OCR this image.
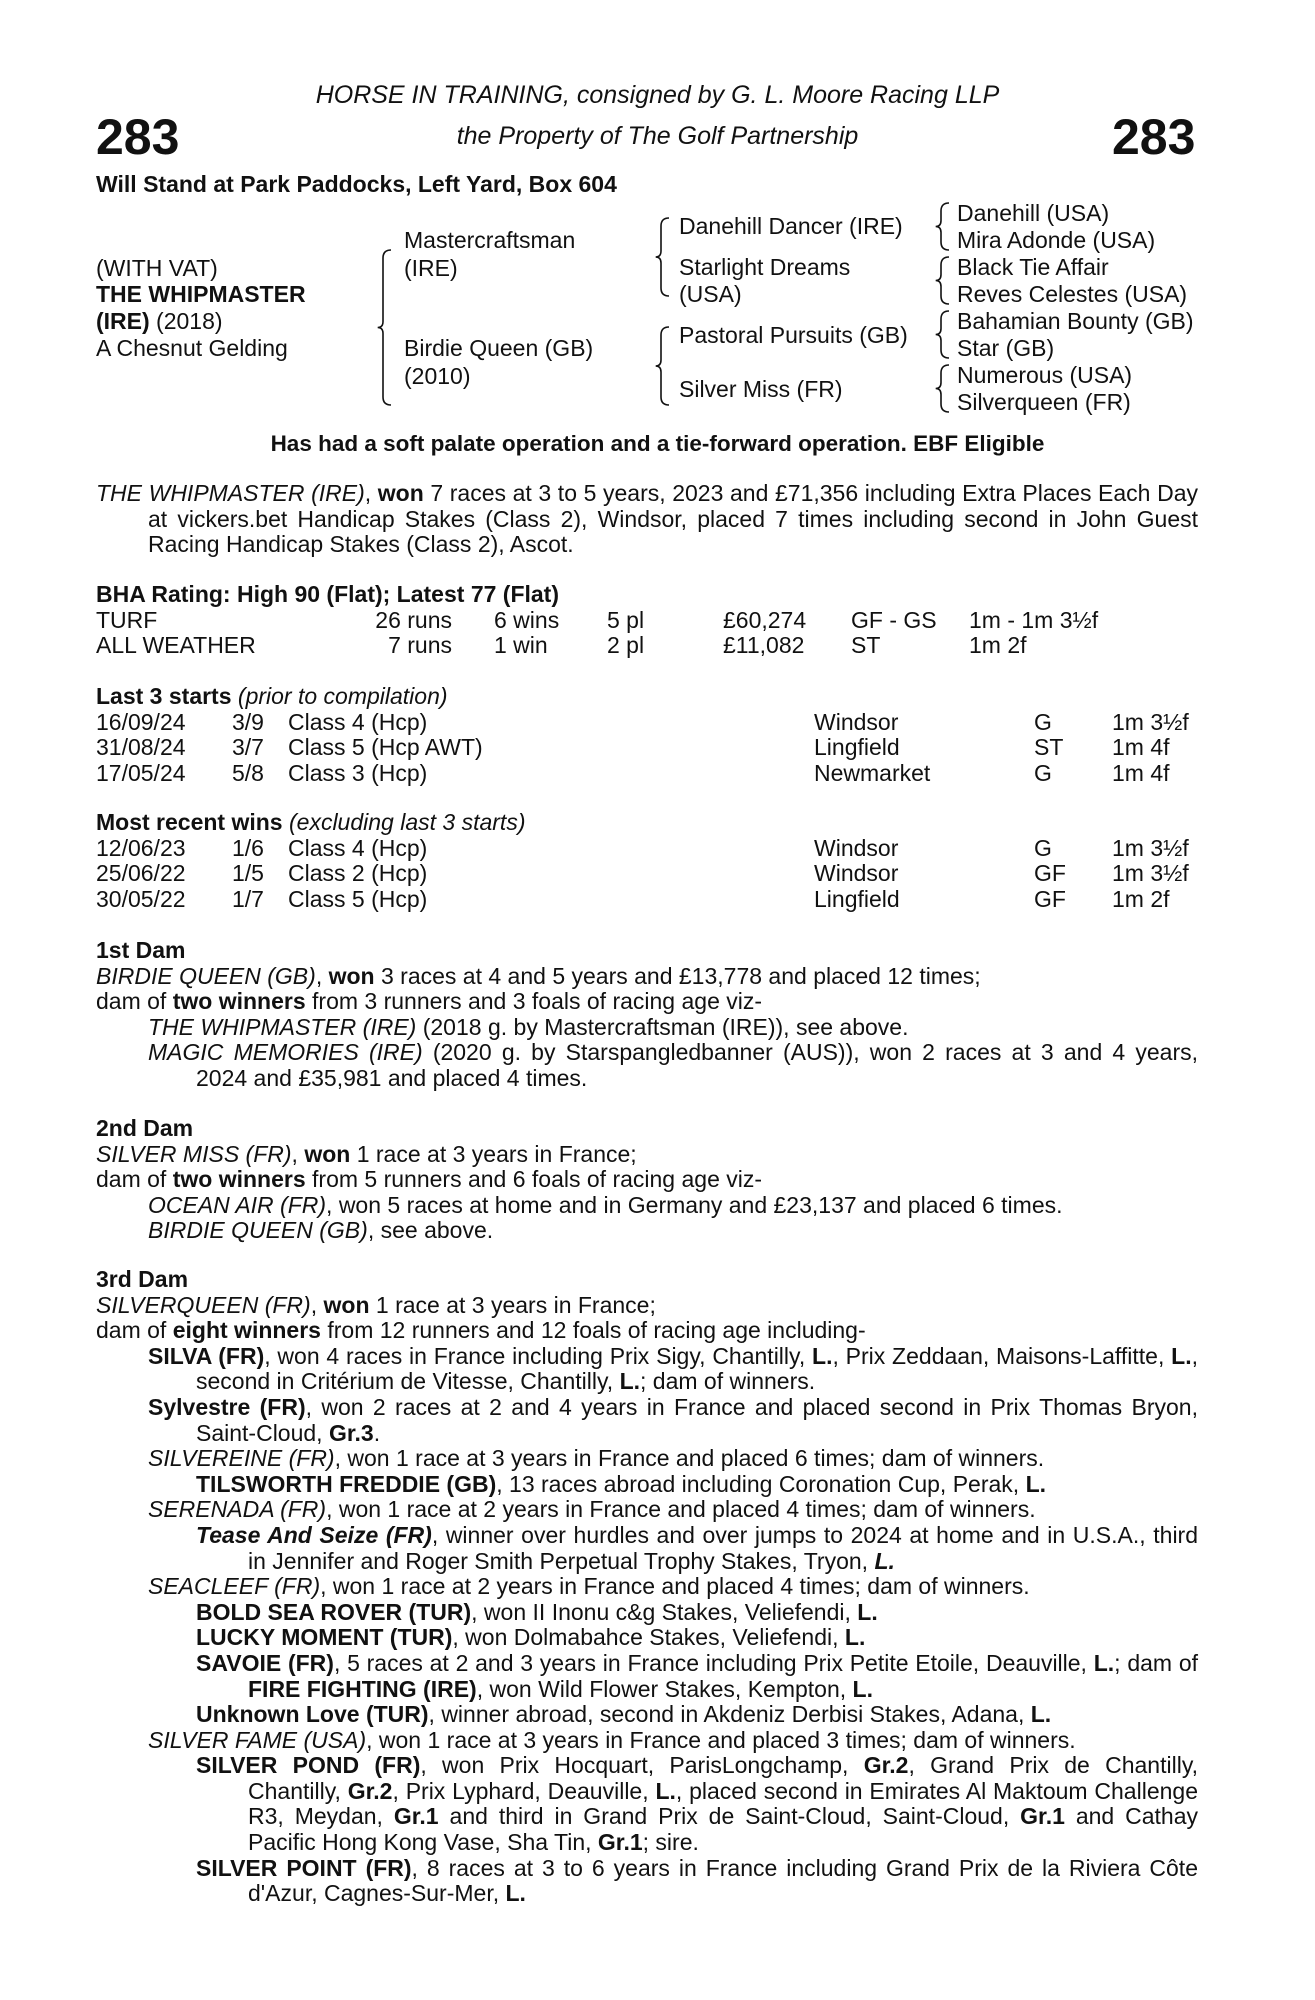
HORSE IN TRAINING, consigned by G. L. Moore Racing LLP
the Property of The Golf Partnership
283	283
Will Stand at Park Paddocks, Left Yard, Box 604
(WITH VAT)
THE WHIPMASTER
(IRE) (2018)
A Chesnut Gelding
Mastercraftsman
(IRE)
Birdie Queen (GB)
(2010)
Danehill Dancer (IRE)
Starlight Dreams
(USA)
Pastoral Pursuits (GB)
Silver Miss (FR)
Danehill (USA)
Mira Adonde (USA)
Black Tie Affair
Reves Celestes (USA)
Bahamian Bounty (GB)
Star (GB)
Numerous (USA)
Silverqueen (FR)
Has had a soft palate operation and a tie-forward operation. EBF Eligible

THE WHIPMASTER (IRE), won 7 races at 3 to 5 years, 2023 and £71,356 including Extra Places Each Day at vickers.bet Handicap Stakes (Class 2), Windsor, placed 7 times including second in John Guest Racing Handicap Stakes (Class 2), Ascot.

BHA Rating: High 90 (Flat); Latest 77 (Flat)
TURF	26 runs 6 wins 5 pl	£60,274 GF - GS 1m - 1m 3½f
ALL WEATHER	7 runs 1 win	2 pl	£11,082 ST	1m 2f
Last 3 starts (prior to compilation)
16/09/24 3/9 Class 4 (Hcp)	Windsor	G	1m 3½f
31/08/24 3/7 Class 5 (Hcp AWT)	Lingfield	ST 1m 4f
17/05/24 5/8 Class 3 (Hcp)	Newmarket	G	1m 4f
Most recent wins (excluding last 3 starts)
12/06/23 1/6 Class 4 (Hcp)	Windsor	G	1m 3½f
25/06/22 1/5 Class 2 (Hcp)	Windsor	GF 1m 3½f
30/05/22 1/7 Class 5 (Hcp)	Lingfield	GF 1m 2f
1st Dam

BIRDIE QUEEN (GB), won 3 races at 4 and 5 years and £13,778 and placed 12 times;

dam of two winners from 3 runners and 3 foals of racing age viz-

THE WHIPMASTER (IRE) (2018 g. by Mastercraftsman (IRE)), see above.

MAGIC MEMORIES (IRE) (2020 g. by Starspangledbanner (AUS)), won 2 races at 3 and 4 years, 2024 and £35,981 and placed 4 times.

2nd Dam

SILVER MISS (FR), won 1 race at 3 years in France;

dam of two winners from 5 runners and 6 foals of racing age viz-

OCEAN AIR (FR), won 5 races at home and in Germany and £23,137 and placed 6 times.

BIRDIE QUEEN (GB), see above.

3rd Dam

SILVERQUEEN (FR), won 1 race at 3 years in France;

dam of eight winners from 12 runners and 12 foals of racing age including-

SILVA (FR), won 4 races in France including Prix Sigy, Chantilly, L., Prix Zeddaan, Maisons-Laffitte, L., second in Critérium de Vitesse, Chantilly, L.; dam of winners.

Sylvestre (FR), won 2 races at 2 and 4 years in France and placed second in Prix Thomas Bryon, Saint-Cloud, Gr.3.

SILVEREINE (FR), won 1 race at 3 years in France and placed 6 times; dam of winners.

TILSWORTH FREDDIE (GB), 13 races abroad including Coronation Cup, Perak, L.

SERENADA (FR), won 1 race at 2 years in France and placed 4 times; dam of winners.

Tease And Seize (FR), winner over hurdles and over jumps to 2024 at home and in U.S.A., third in Jennifer and Roger Smith Perpetual Trophy Stakes, Tryon, L.

SEACLEEF (FR), won 1 race at 2 years in France and placed 4 times; dam of winners.

BOLD SEA ROVER (TUR), won II Inonu c&g Stakes, Veliefendi, L.

LUCKY MOMENT (TUR), won Dolmabahce Stakes, Veliefendi, L.

SAVOIE (FR), 5 races at 2 and 3 years in France including Prix Petite Etoile, Deauville, L.; dam of FIRE FIGHTING (IRE), won Wild Flower Stakes, Kempton, L.

Unknown Love (TUR), winner abroad, second in Akdeniz Derbisi Stakes, Adana, L.

SILVER FAME (USA), won 1 race at 3 years in France and placed 3 times; dam of winners.

SILVER POND (FR), won Prix Hocquart, ParisLongchamp, Gr.2, Grand Prix de Chantilly, Chantilly, Gr.2, Prix Lyphard, Deauville, L., placed second in Emirates Al Maktoum Challenge R3, Meydan, Gr.1 and third in Grand Prix de Saint-Cloud, Saint-Cloud, Gr.1 and Cathay Pacific Hong Kong Vase, Sha Tin, Gr.1; sire.

SILVER POINT (FR), 8 races at 3 to 6 years in France including Grand Prix de la Riviera Côte d'Azur, Cagnes-Sur-Mer, L.
